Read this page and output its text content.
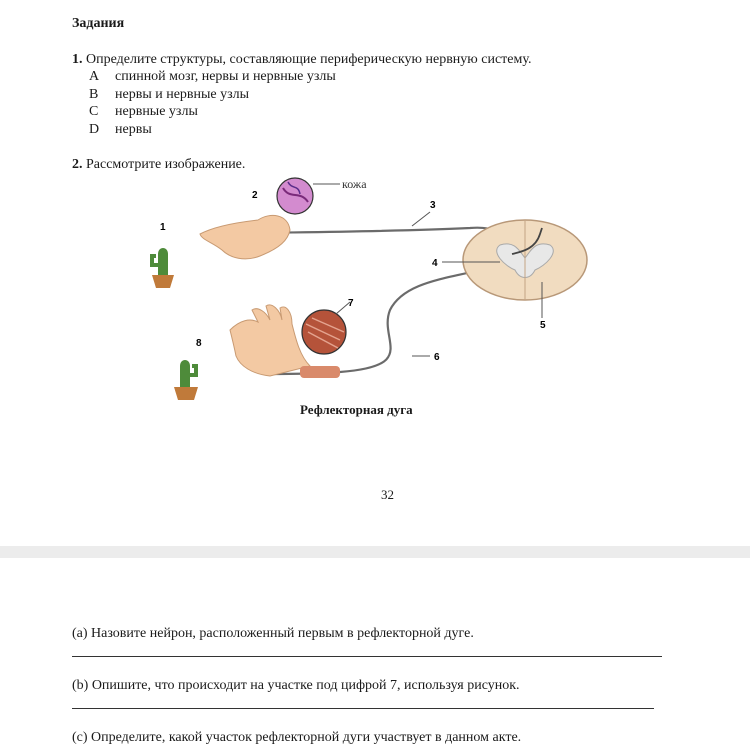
Задания
1. Определите структуры, составляющие периферическую нервную систему.
A	спинной мозг, нервы и нервные узлы
B	нервы и нервные узлы
C	нервные узлы
D	нервы
2. Рассмотрите изображение.
кожа
1
2
3
4
5
6
7
8
Рефлекторная дуга
32
(a) Назовите нейрон, расположенный первым в рефлекторной дуге.
(b) Опишите, что происходит на участке под цифрой 7, используя рисунок.
(c) Определите, какой участок рефлекторной дуги участвует в данном акте.
